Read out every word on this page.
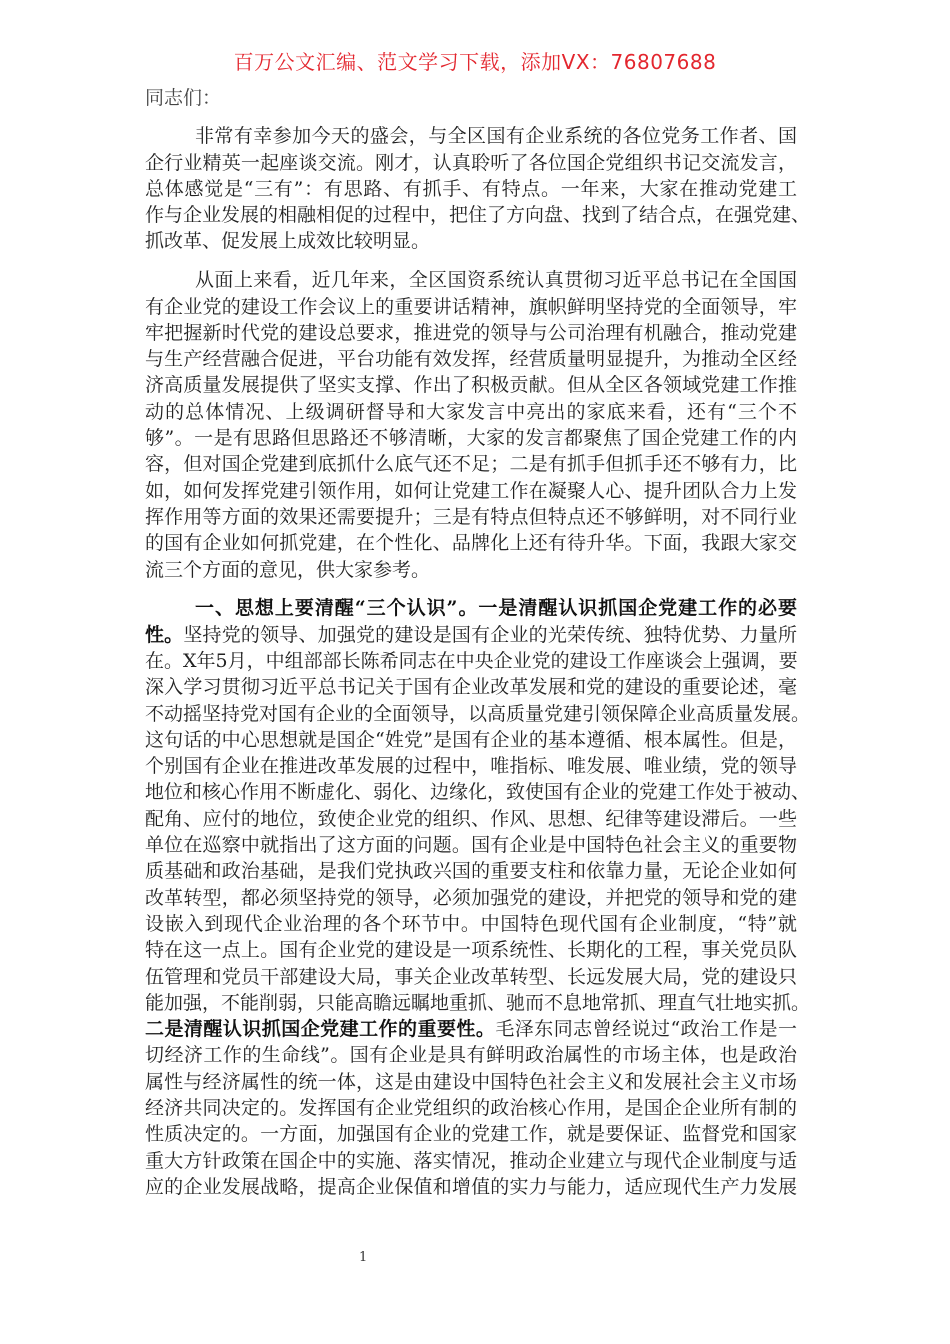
百万公文汇编、范文学习下载，添加VX：76807688
同志们：
非常有幸参加今天的盛会，与全区国有企业系统的各位党务工作者、国
企行业精英一起座谈交流。刚才，认真聆听了各位国企党组织书记交流发言，
总体感觉是“三有”：有思路、有抓手、有特点。一年来，大家在推动党建工
作与企业发展的相融相促的过程中，把住了方向盘、找到了结合点，在强党建、
抓改革、促发展上成效比较明显。
从面上来看，近几年来，全区国资系统认真贯彻习近平总书记在全国国
有企业党的建设工作会议上的重要讲话精神，旗帜鲜明坚持党的全面领导，牢
牢把握新时代党的建设总要求，推进党的领导与公司治理有机融合，推动党建
与生产经营融合促进，平台功能有效发挥，经营质量明显提升，为推动全区经
济高质量发展提供了坚实支撑、作出了积极贡献。但从全区各领域党建工作推
动的总体情况、上级调研督导和大家发言中亮出的家底来看，还有“三个不
够”。一是有思路但思路还不够清晰，大家的发言都聚焦了国企党建工作的内
容，但对国企党建到底抓什么底气还不足；二是有抓手但抓手还不够有力，比
如，如何发挥党建引领作用，如何让党建工作在凝聚人心、提升团队合力上发
挥作用等方面的效果还需要提升；三是有特点但特点还不够鲜明，对不同行业
的国有企业如何抓党建，在个性化、品牌化上还有待升华。下面，我跟大家交
流三个方面的意见，供大家参考。
一、思想上要清醒“三个认识”。一是清醒认识抓国企党建工作的必要
性。坚持党的领导、加强党的建设是国有企业的光荣传统、独特优势、力量所
在。X年5月，中组部部长陈希同志在中央企业党的建设工作座谈会上强调，要
深入学习贯彻习近平总书记关于国有企业改革发展和党的建设的重要论述，毫
不动摇坚持党对国有企业的全面领导，以高质量党建引领保障企业高质量发展。
这句话的中心思想就是国企“姓党”是国有企业的基本遵循、根本属性。但是，
个别国有企业在推进改革发展的过程中，唯指标、唯发展、唯业绩，党的领导
地位和核心作用不断虚化、弱化、边缘化，致使国有企业的党建工作处于被动、
配角、应付的地位，致使企业党的组织、作风、思想、纪律等建设滞后。一些
单位在巡察中就指出了这方面的问题。国有企业是中国特色社会主义的重要物
质基础和政治基础，是我们党执政兴国的重要支柱和依靠力量，无论企业如何
改革转型，都必须坚持党的领导，必须加强党的建设，并把党的领导和党的建
设嵌入到现代企业治理的各个环节中。中国特色现代国有企业制度，“特”就
特在这一点上。国有企业党的建设是一项系统性、长期化的工程，事关党员队
伍管理和党员干部建设大局，事关企业改革转型、长远发展大局，党的建设只
能加强，不能削弱，只能高瞻远瞩地重抓、驰而不息地常抓、理直气壮地实抓。
二是清醒认识抓国企党建工作的重要性。毛泽东同志曾经说过“政治工作是一
切经济工作的生命线”。国有企业是具有鲜明政治属性的市场主体，也是政治
属性与经济属性的统一体，这是由建设中国特色社会主义和发展社会主义市场
经济共同决定的。发挥国有企业党组织的政治核心作用，是国企企业所有制的
性质决定的。一方面，加强国有企业的党建工作，就是要保证、监督党和国家
重大方针政策在国企中的实施、落实情况，推动企业建立与现代企业制度与适
应的企业发展战略，提高企业保值和增值的实力与能力，适应现代生产力发展
1
